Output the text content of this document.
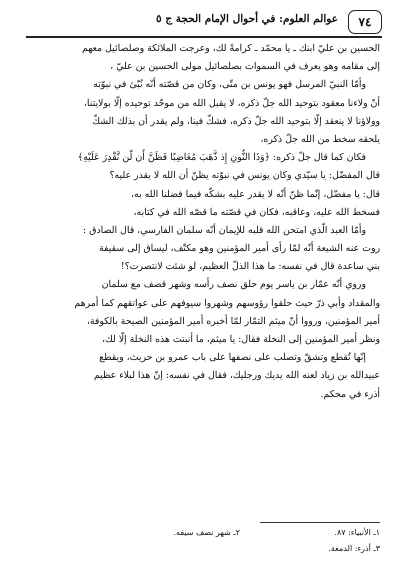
٧٤
عوالم العلوم: في أحوال الإمام الحجة ج ٥
الحسين بن عليّ ابنك ـ يا محمّد ـ كرامةً لك، وعرجت الملائكة وصلصائيل معهم
إلى مقامه وهو يعرف في السموات بصلصائيل مولى الحسين بن عليّ ،
وأمّا النبيّ المرسل فهو يونس بن متّى، وكان من قصّته أنّه نُبّئ في نبوّته
أنّ ولاءنا معقود بتوحيد الله جلّ ذكره، لا يقبل الله من موحّد توحيده إلّا بولايتنا،
وولاؤنا لا ينعقد إلّا بتوحيد الله جلّ ذكره، فشكّ فينا، ولم يقدر أن بذلك الشكّ
يلحقه سخط من الله جلّ ذكره،
فكان كما قال جلّ ذكره: ﴿وَذَا النُّونِ إِذ ذَّهَبَ مُغَاضِبًا فَظَنَّ أَن لَّن نَّقْدِرَ عَلَيْهِ﴾
قال المفضّل: يا سيّدي وكان يونس في نبوّته يظنّ أن الله لا يقدر عليه؟
قال: يا مفضّل، إنّما ظنّ أنّه لا يقدر عليه بشكّه فيما فضلنا الله به،
فسخط الله عليه، وعاقبه، فكان في قصّته ما قصّه الله في كتابه،
وأمّا العبد الّذي امتحن الله قلبه للإيمان أنّه سلمان الفارسي، قال الصادق :
روت عنه الشيعة أنّه لمّا رأى أمير المؤمنين وهو مكتّف، ليساق إلى سقيفة
بني ساعدة قال في نفسه: ما هذا الذلّ العظيم، لو شئت لانتصرت؟!
وروي أنّه عمّار بن ياسر يوم حلق نصف رأسه وشهر قصف مع سلمان
والمقداد وأبي ذرّ حيث حلقوا رؤوسهم وشهروا سيوفهم على عواتقهم كما أمرهم
أمير المؤمنين، ورووا أنّ ميثم التمّار لمّا أخبره أمير المؤمنين الصيحة بالكوفة،
ونظر أمير المؤمنين إلى النخلة فقال: يا ميثم، ما أنبتت هذه النخلة إلّا لك،
إنّها تُقطع وتشقّ وتصلب على نصفها على باب عمرو بن حريث، ويقطع
عبيدالله بن زياد لعنه الله يديك ورجليك، فقال في نفسه: إنّ هذا لبلاء عظيم
أذرء في محكم.
١ـ الأنبياء: ٨٧.
٢ـ شهر نصف سيفه.
٣ـ أذرء: الدمعة.
